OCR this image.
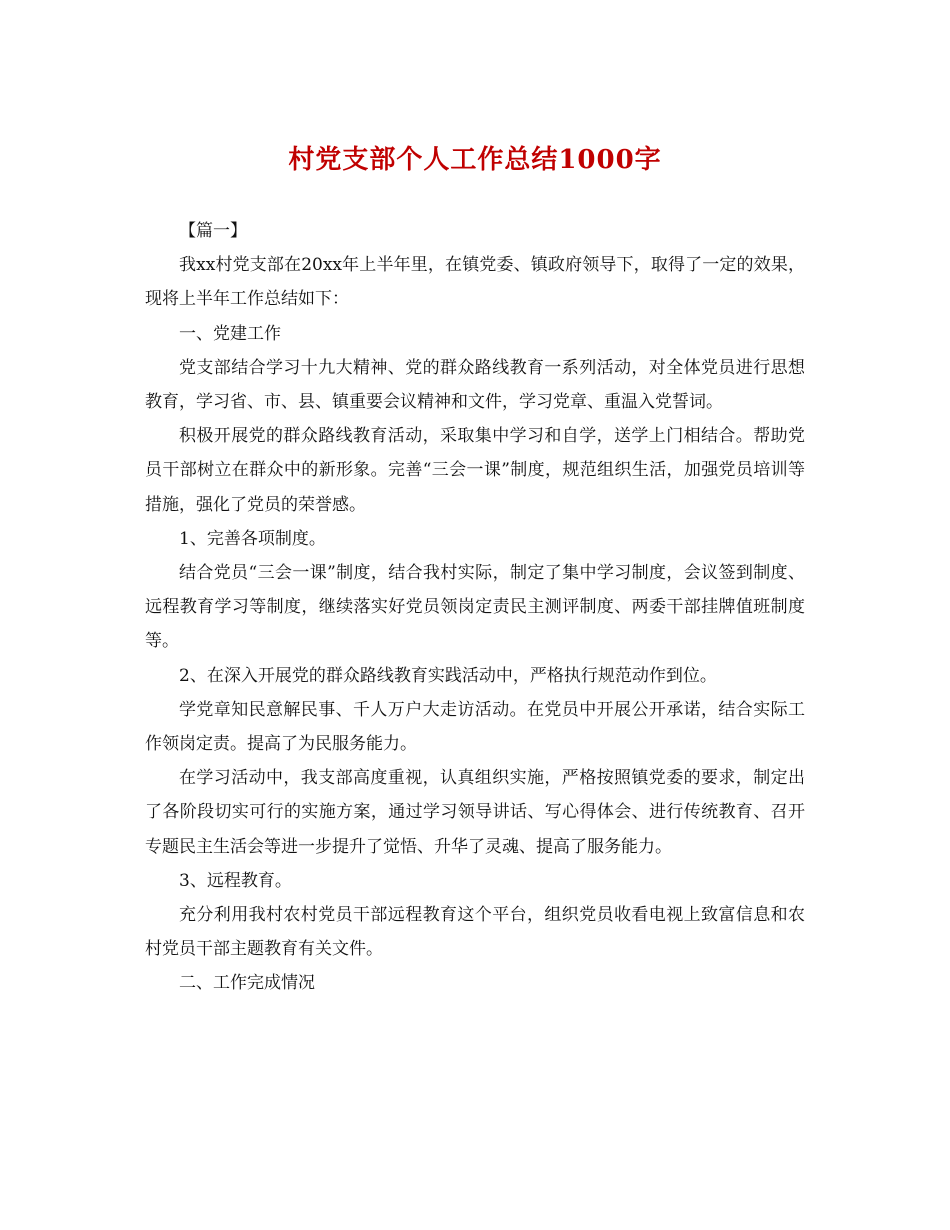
村党支部个人工作总结1000字

【篇一】

我xx村党支部在20xx年上半年里，在镇党委、镇政府领导下，取得了一定的效果，现将上半年工作总结如下：

一、党建工作

党支部结合学习十九大精神、党的群众路线教育一系列活动，对全体党员进行思想教育，学习省、市、县、镇重要会议精神和文件，学习党章、重温入党誓词。

积极开展党的群众路线教育活动，采取集中学习和自学，送学上门相结合。帮助党员干部树立在群众中的新形象。完善“三会一课”制度，规范组织生活，加强党员培训等措施，强化了党员的荣誉感。

1、完善各项制度。

结合党员“三会一课”制度，结合我村实际，制定了集中学习制度，会议签到制度、远程教育学习等制度，继续落实好党员领岗定责民主测评制度、两委干部挂牌值班制度等。

2、在深入开展党的群众路线教育实践活动中，严格执行规范动作到位。

学党章知民意解民事、千人万户大走访活动。在党员中开展公开承诺，结合实际工作领岗定责。提高了为民服务能力。

在学习活动中，我支部高度重视，认真组织实施，严格按照镇党委的要求，制定出了各阶段切实可行的实施方案，通过学习领导讲话、写心得体会、进行传统教育、召开专题民主生活会等进一步提升了觉悟、升华了灵魂、提高了服务能力。

3、远程教育。

充分利用我村农村党员干部远程教育这个平台，组织党员收看电视上致富信息和农村党员干部主题教育有关文件。

二、工作完成情况
